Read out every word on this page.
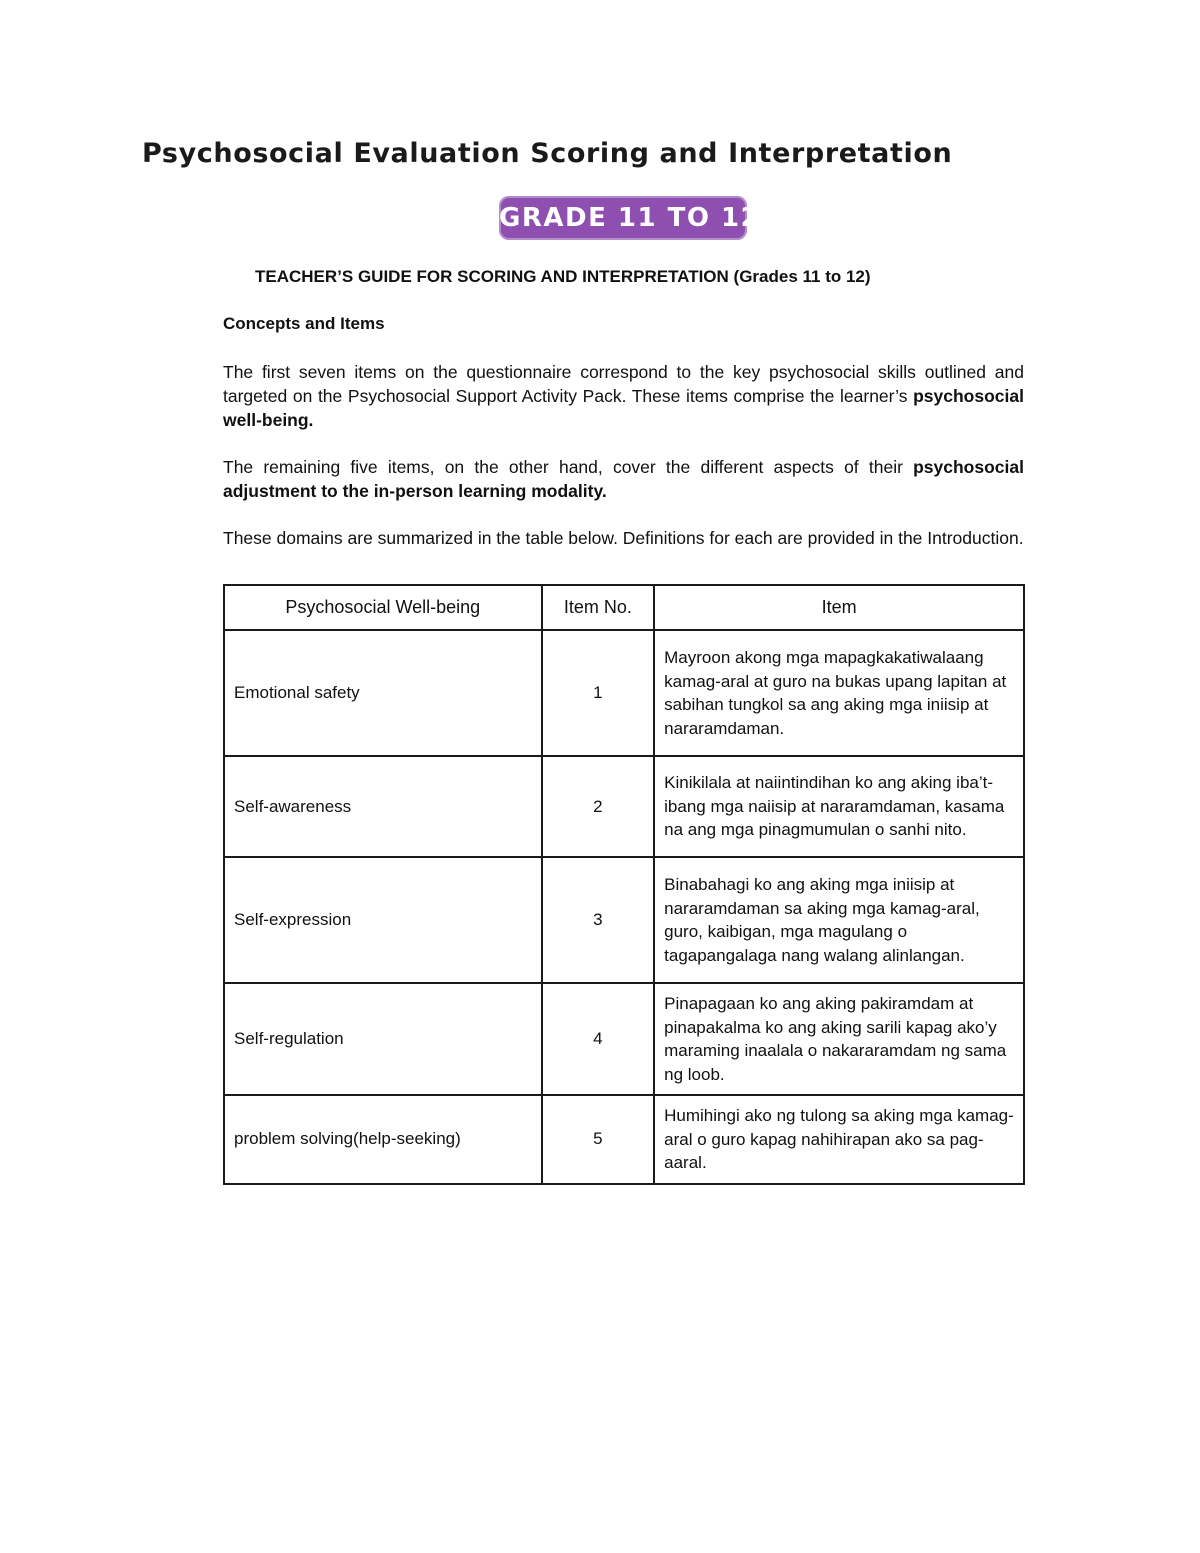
Psychosocial Evaluation Scoring and Interpretation
GRADE 11 TO 12
TEACHER’S GUIDE FOR SCORING AND INTERPRETATION (Grades 11 to 12)
Concepts and Items

The first seven items on the questionnaire correspond to the key psychosocial skills outlined and targeted on the Psychosocial Support Activity Pack. These items comprise the learner’s psychosocial well-being.

The remaining five items, on the other hand, cover the different aspects of their psychosocial adjustment to the in-person learning modality.

These domains are summarized in the table below. Definitions for each are provided in the Introduction.

Psychosocial Well-being	Item No.	Item
Emotional safety	1	Mayroon akong mga mapagkakatiwalaang kamag-aral at guro na bukas upang lapitan at sabihan tungkol sa ang aking mga iniisip at nararamdaman.
Self-awareness	2	Kinikilala at naiintindihan ko ang aking iba’t-ibang mga naiisip at nararamdaman, kasama na ang mga pinagmumulan o sanhi nito.
Self-expression	3	Binabahagi ko ang aking mga iniisip at nararamdaman sa aking mga kamag-aral, guro, kaibigan, mga magulang o tagapangalaga nang walang alinlangan.
Self-regulation	4	Pinapagaan ko ang aking pakiramdam at pinapakalma ko ang aking sarili kapag ako’y maraming inaalala o nakararamdam ng sama ng loob.
problem solving(help-seeking)	5	Humihingi ako ng tulong sa aking mga kamag-aral o guro kapag nahihirapan ako sa pag-aaral.
